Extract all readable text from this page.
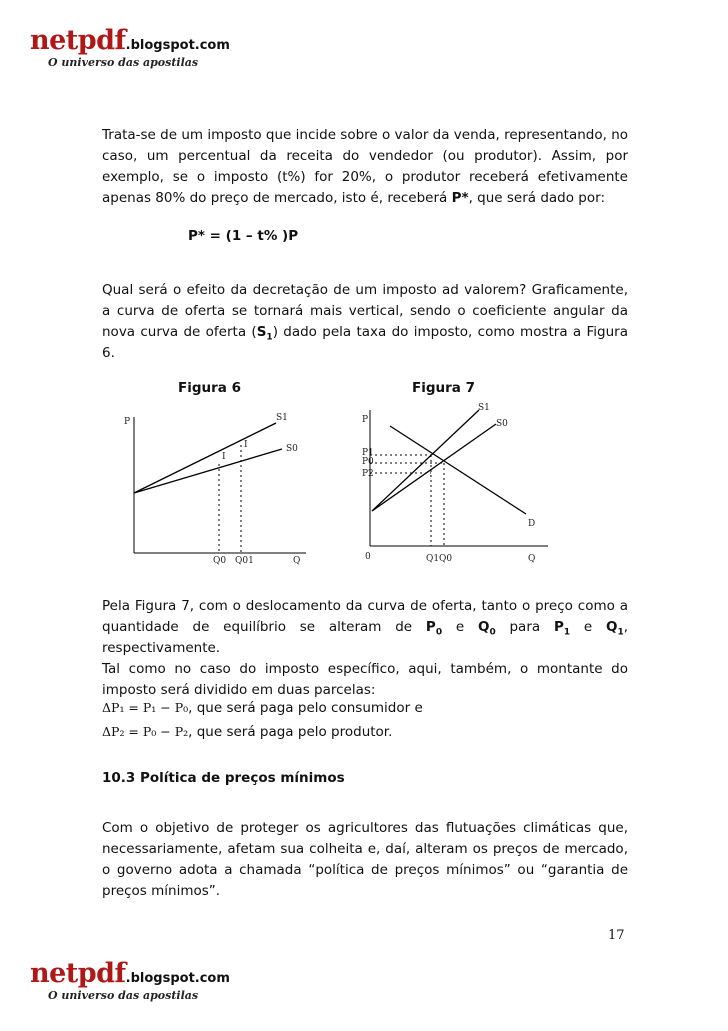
netpdf.blogspot.com
O universo das apostilas

Trata-se de um imposto que incide sobre o valor da venda, representando, no caso, um percentual da receita do vendedor (ou produtor). Assim, por exemplo, se o imposto (t%) for 20%, o produtor receberá efetivamente apenas 80% do preço de mercado, isto é, receberá P*, que será dado por:

P* = (1 – t% )P

Qual será o efeito da decretação de um imposto ad valorem? Graficamente, a curva de oferta se tornará mais vertical, sendo o coeficiente angular da nova curva de oferta $(S_1)$ dado pela taxa do imposto, como mostra a Figura 6.

Figura 6	Figura 7
P
Q
S1
S0
Q0 Q01
I
I
P
Q
0
S1
S0
D
P1
P0
P2
Q1 Q0

Pela Figura 7, com o deslocamento da curva de oferta, tanto o preço como a quantidade de equilíbrio se alteram de $P_0$ e $Q_0$ para $P_1$ e $Q_1$, respectivamente.

Tal como no caso do imposto específico, aqui, também, o montante do imposto será dividido em duas parcelas:

ΔP₁ = P₁ − P₀, que será paga pelo consumidor e
ΔP₂ = P₀ − P₂, que será paga pelo produtor.
10.3 Política de preços mínimos

Com o objetivo de proteger os agricultores das flutuações climáticas que, necessariamente, afetam sua colheita e, daí, alteram os preços de mercado, o governo adota a chamada “política de preços mínimos” ou “garantia de preços mínimos”.

17
netpdf.blogspot.com
O universo das apostilas
